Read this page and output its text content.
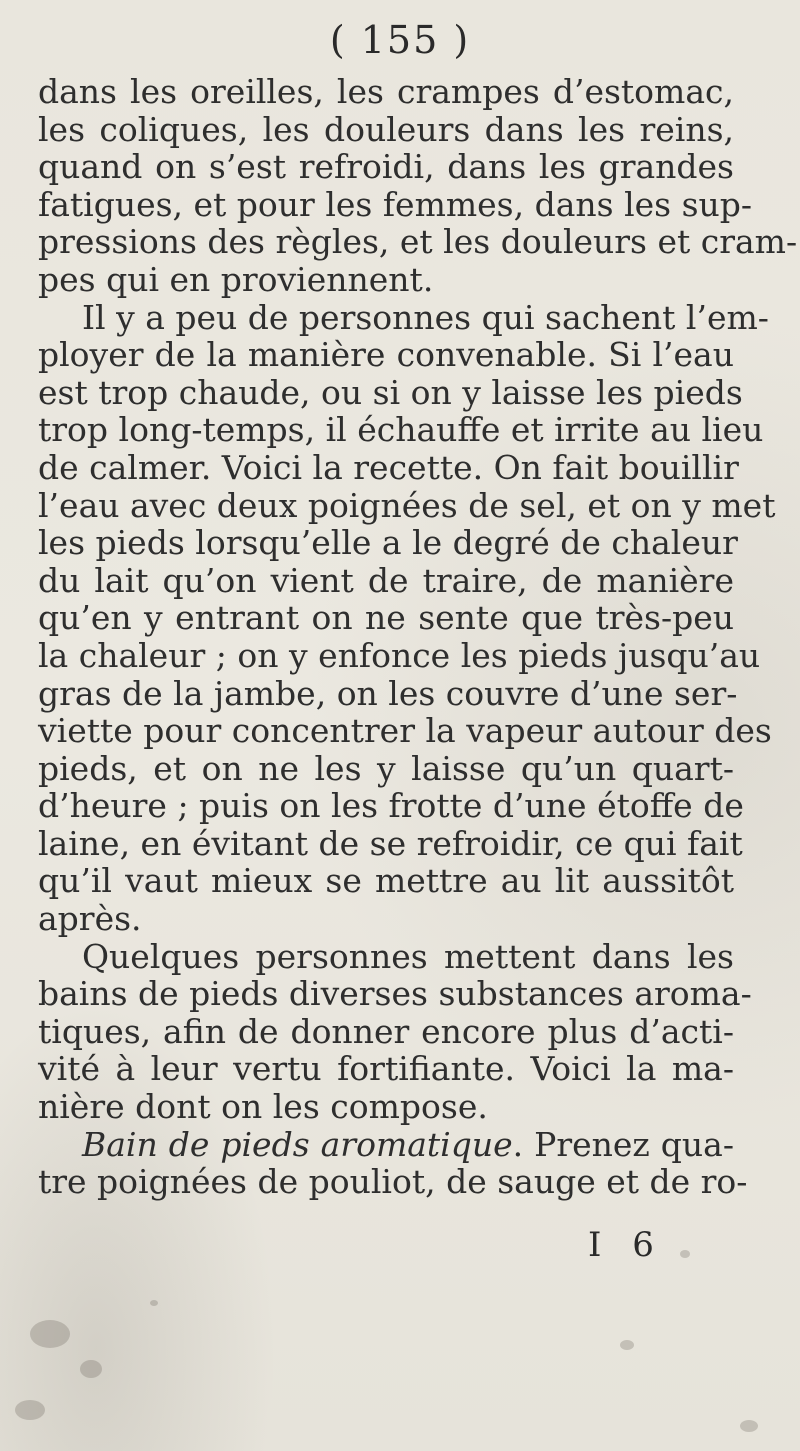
( 155 )
dans les oreilles, les crampes d’estomac,
les coliques, les douleurs dans les reins,
quand on s’est refroidi, dans les grandes
fatigues, et pour les femmes, dans les sup-
pressions des règles, et les douleurs et cram-
pes qui en proviennent.
Il y a peu de personnes qui sachent l’em-
ployer de la manière convenable. Si l’eau
est trop chaude, ou si on y laisse les pieds
trop long-temps, il échauffe et irrite au lieu
de calmer. Voici la recette. On fait bouillir
l’eau avec deux poignées de sel, et on y met
les pieds lorsqu’elle a le degré de chaleur
du lait qu’on vient de traire, de manière
qu’en y entrant on ne sente que très-peu
la chaleur ; on y enfonce les pieds jusqu’au
gras de la jambe, on les couvre d’une ser-
viette pour concentrer la vapeur autour des
pieds, et on ne les y laisse qu’un quart-
d’heure ; puis on les frotte d’une étoffe de
laine, en évitant de se refroidir, ce qui fait
qu’il vaut mieux se mettre au lit aussitôt
après.
Quelques personnes mettent dans les
bains de pieds diverses substances aroma-
tiques, afin de donner encore plus d’acti-
vité à leur vertu fortifiante. Voici la ma-
nière dont on les compose.
Bain de pieds aromatique. Prenez qua-
tre poignées de pouliot, de sauge et de ro-
I 6
